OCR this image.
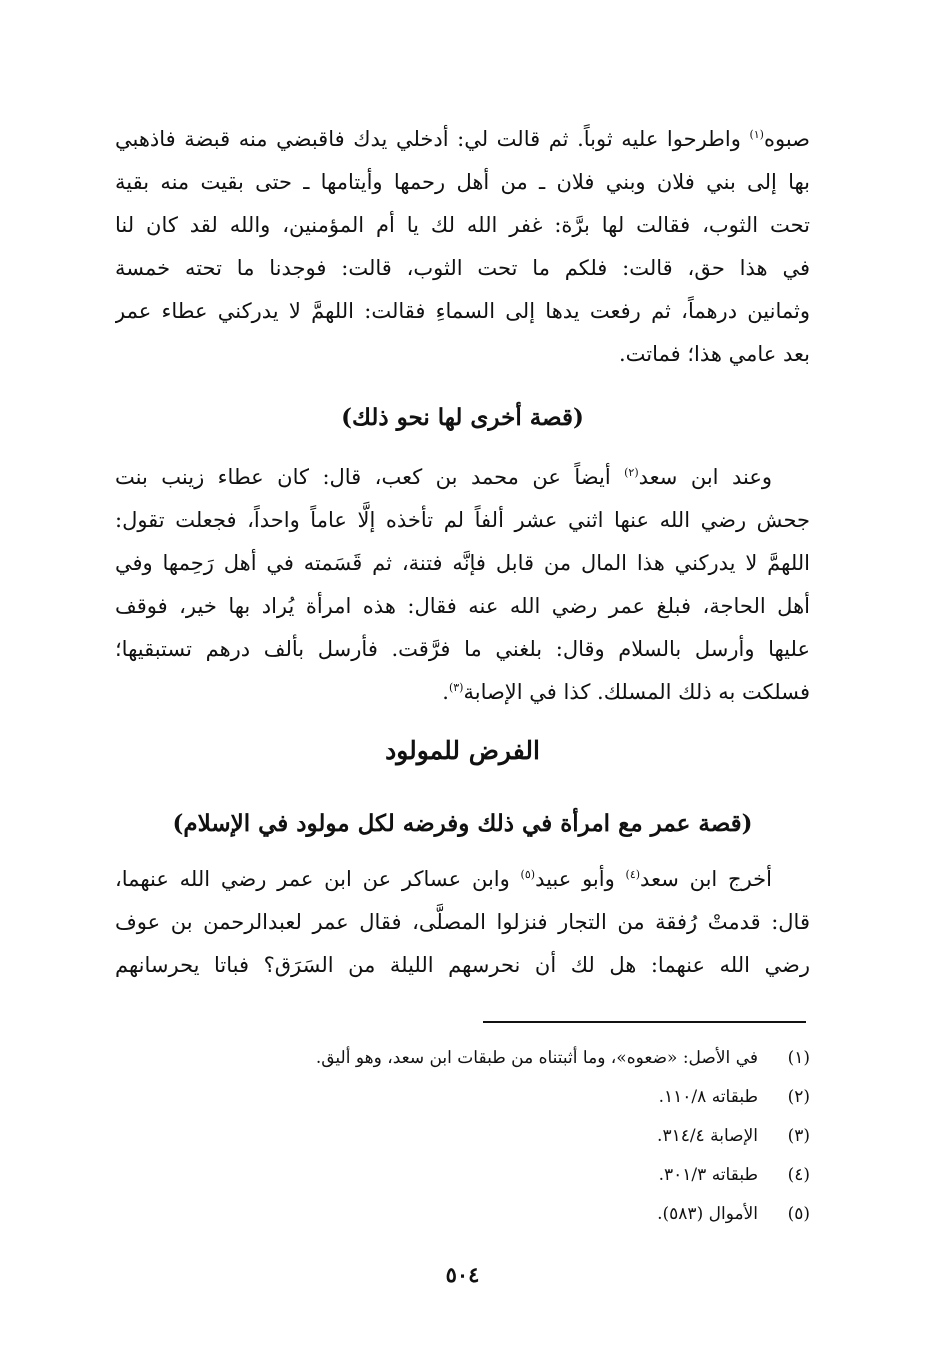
صبوه$^{(١)}$ واطرحوا عليه ثوباً. ثم قالت لي: أدخلي يدك فاقبضي منه قبضة فاذهبي
بها إلى بني فلان وبني فلان ـ من أهل رحمها وأيتامها ـ حتى بقيت منه بقية
تحت الثوب، فقالت لها برَّة: غفر الله لك يا أم المؤمنين، والله لقد كان لنا
في هذا حق، قالت: فلكم ما تحت الثوب، قالت: فوجدنا ما تحته خمسة
وثمانين درهماً، ثم رفعت يدها إلى السماءِ فقالت: اللهمَّ لا يدركني عطاء عمر
بعد عامي هذا؛ فماتت.
(قصة أخرى لها نحو ذلك)
وعند ابن سعد$^{(٢)}$ أيضاً عن محمد بن كعب، قال: كان عطاء زينب بنت
جحش رضي الله عنها اثني عشر ألفاً لم تأخذه إلَّا عاماً واحداً، فجعلت تقول:
اللهمَّ لا يدركني هذا المال من قابل فإنَّه فتنة، ثم قَسَمته في أهل رَحِمها وفي
أهل الحاجة، فبلغ عمر رضي الله عنه فقال: هذه امرأة يُراد بها خير، فوقف
عليها وأرسل بالسلام وقال: بلغني ما فرَّقت. فأرسل بألف درهم تستبقيها؛
فسلكت به ذلك المسلك. كذا في الإصابة$^{(٣)}$.
الفرض للمولود
(قصة عمر مع امرأة في ذلك وفرضه لكل مولود في الإسلام)
أخرج ابن سعد$^{(٤)}$ وأبو عبيد$^{(٥)}$ وابن عساكر عن ابن عمر رضي الله عنهما،
قال: قدمتْ رُفقة من التجار فنزلوا المصلَّى، فقال عمر لعبدالرحمن بن عوف
رضي الله عنهما: هل لك أن نحرسهم الليلة من السَرَق؟ فباتا يحرسانهم
(١)
في الأصل: «ضعوه»، وما أثبتناه من طبقات ابن سعد، وهو أليق.
(٢)
طبقاته ١١٠/٨.
(٣)
الإصابة ٣١٤/٤.
(٤)
طبقاته ٣٠١/٣.
(٥)
الأموال (٥٨٣).
٥٠٤
